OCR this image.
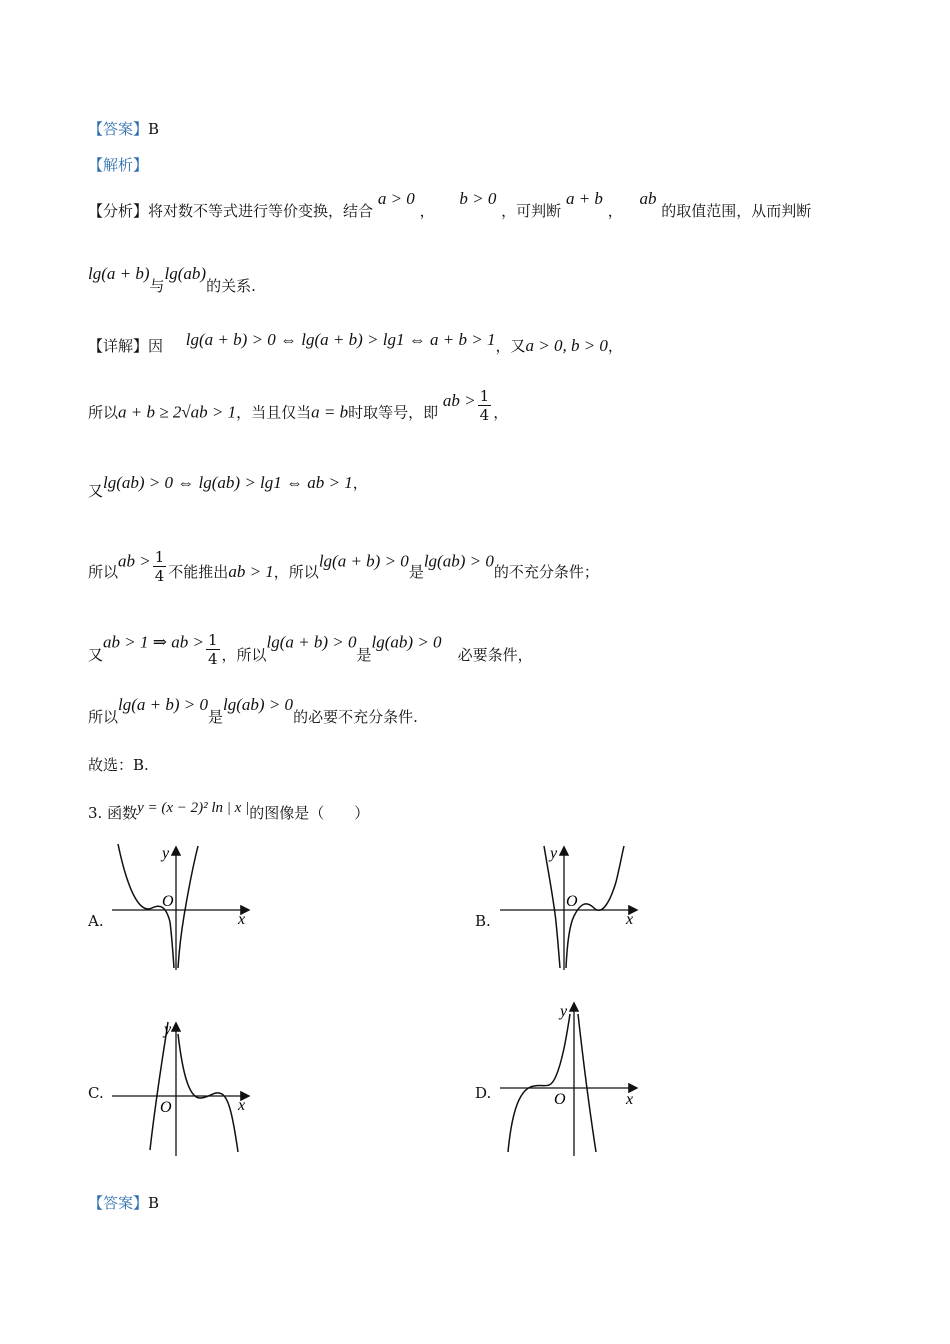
【答案】B
【解析】
【分析】将对数不等式进行等价变换，结合 a > 0 ， b > 0 ，可判断 a + b ， ab 的取值范围，从而判断
lg(a + b)与lg(ab)的关系.
【详解】因 lg(a + b) > 0 ⇔ lg(a + b) > lg1 ⇔ a + b > 1，又a > 0, b > 0，
所以a + b ≥ 2√ab > 1，当且仅当a = b时取等号，即 ab > $\frac{1}{4}$ ，
又lg(ab) > 0 ⇔ lg(ab) > lg1 ⇔ ab > 1，
所以ab > $\frac{1}{4}$ 不能推出ab > 1，所以lg(a + b) > 0是lg(ab) > 0的不充分条件；
又ab > 1 ⇒ ab > $\frac{1}{4}$ ，所以lg(a + b) > 0是lg(ab) > 0必要条件，
所以lg(a + b) > 0是lg(ab) > 0的必要不充分条件.
故选：B.
3. 函数y = (x − 2)² ln | x |的图像是（　　）
A.	B.
C.	D.
y
x
O
y
x
O
y
x
O
y
x
O
【答案】B
